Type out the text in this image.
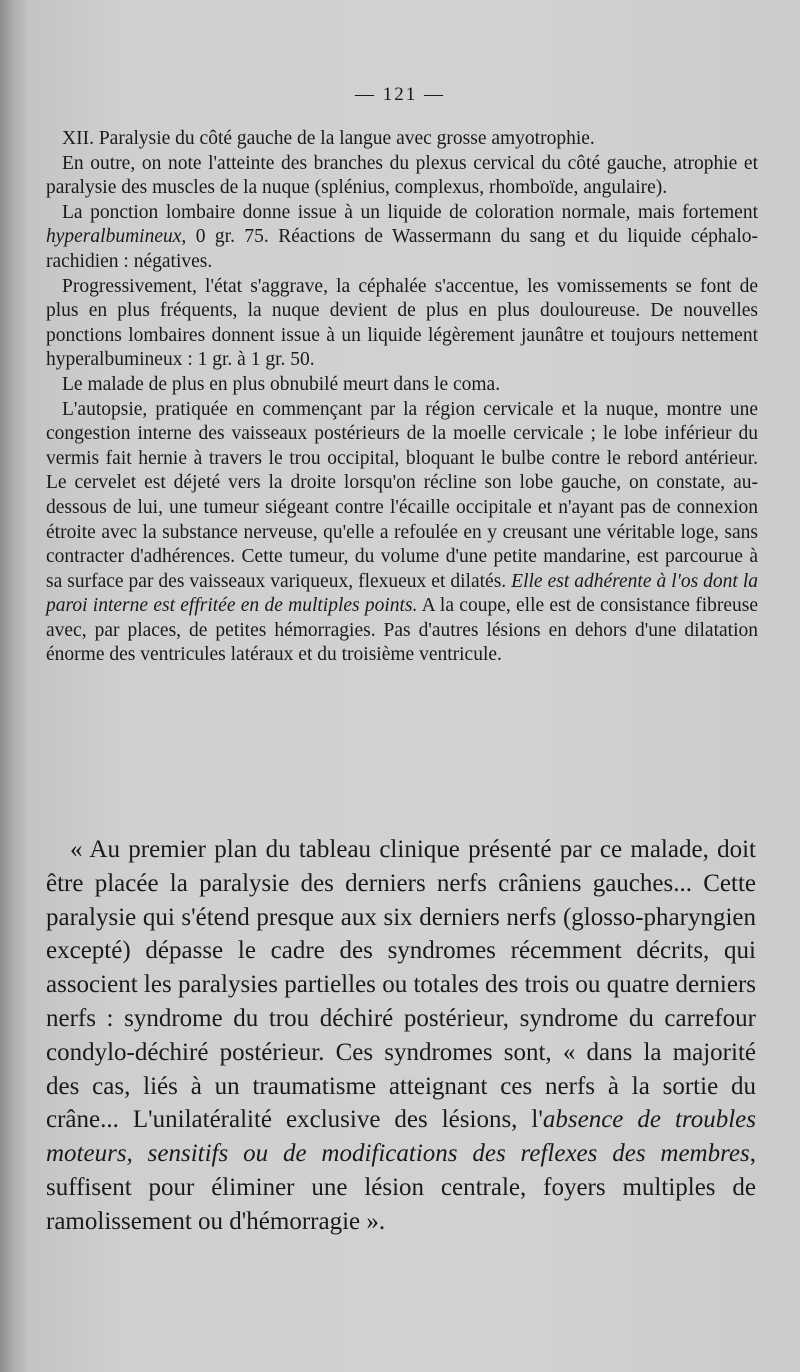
— 121 —

XII. Paralysie du côté gauche de la langue avec grosse amyotrophie.

En outre, on note l'atteinte des branches du plexus cervical du côté gauche, atrophie et paralysie des muscles de la nuque (splénius, complexus, rhomboïde, angulaire).

La ponction lombaire donne issue à un liquide de coloration normale, mais fortement hyperalbumineux, 0 gr. 75. Réactions de Wassermann du sang et du liquide céphalo-rachidien : négatives.

Progressivement, l'état s'aggrave, la céphalée s'accentue, les vomissements se font de plus en plus fréquents, la nuque devient de plus en plus douloureuse. De nouvelles ponctions lombaires donnent issue à un liquide légèrement jaunâtre et toujours nettement hyperalbumineux : 1 gr. à 1 gr. 50.

Le malade de plus en plus obnubilé meurt dans le coma.

L'autopsie, pratiquée en commençant par la région cervicale et la nuque, montre une congestion interne des vaisseaux postérieurs de la moelle cervicale ; le lobe inférieur du vermis fait hernie à travers le trou occipital, bloquant le bulbe contre le rebord antérieur. Le cervelet est déjeté vers la droite lorsqu'on récline son lobe gauche, on constate, au-dessous de lui, une tumeur siégeant contre l'écaille occipitale et n'ayant pas de connexion étroite avec la substance nerveuse, qu'elle a refoulée en y creusant une véritable loge, sans contracter d'adhérences. Cette tumeur, du volume d'une petite mandarine, est parcourue à sa surface par des vaisseaux variqueux, flexueux et dilatés. Elle est adhérente à l'os dont la paroi interne est effritée en de multiples points. A la coupe, elle est de consistance fibreuse avec, par places, de petites hémorragies. Pas d'autres lésions en dehors d'une dilatation énorme des ventricules latéraux et du troisième ventricule.

« Au premier plan du tableau clinique présenté par ce malade, doit être placée la paralysie des derniers nerfs crâniens gauches... Cette paralysie qui s'étend presque aux six derniers nerfs (glosso-pharyngien excepté) dépasse le cadre des syndromes récemment décrits, qui associent les paralysies partielles ou totales des trois ou quatre derniers nerfs : syndrome du trou déchiré postérieur, syndrome du carrefour condylo-déchiré postérieur. Ces syndromes sont, « dans la majorité des cas, liés à un traumatisme atteignant ces nerfs à la sortie du crâne... L'unilatéralité exclusive des lésions, l'absence de troubles moteurs, sensitifs ou de modifications des reflexes des membres, suffisent pour éliminer une lésion centrale, foyers multiples de ramolissement ou d'hémorragie ».
